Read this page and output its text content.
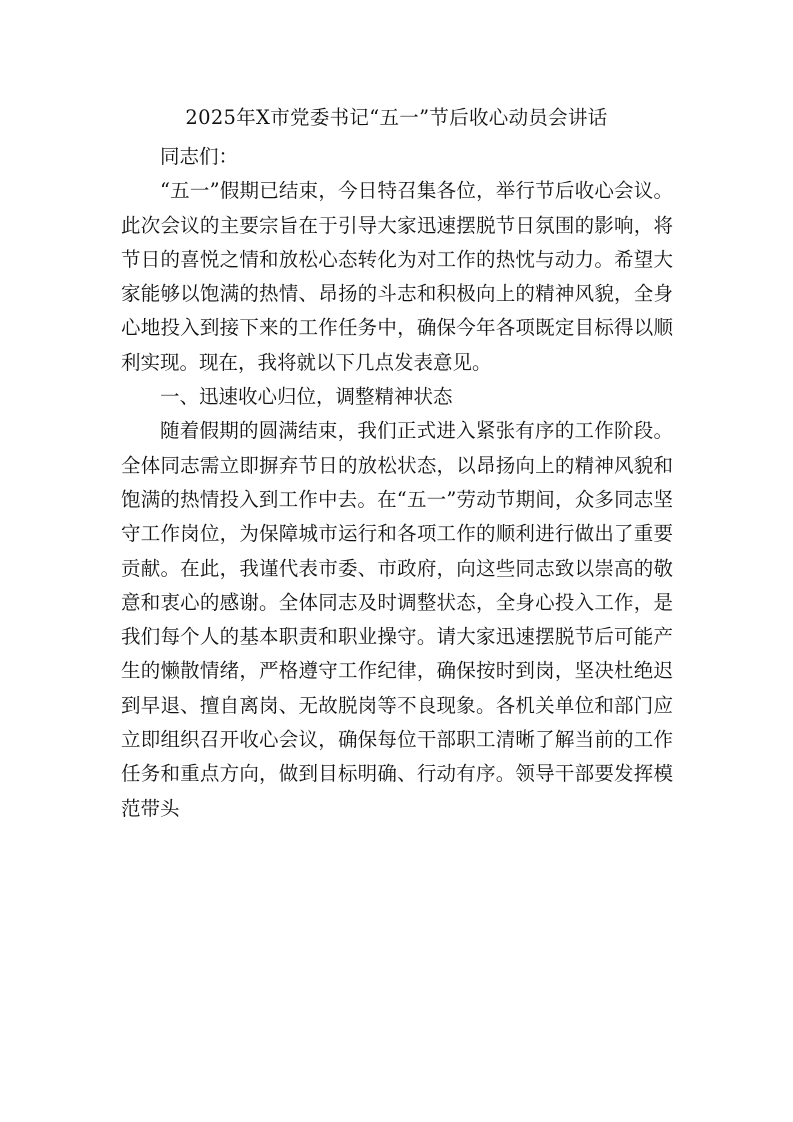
2025年X市党委书记“五一”节后收心动员会讲话

同志们：

“五一”假期已结束，今日特召集各位，举行节后收心会议。此次会议的主要宗旨在于引导大家迅速摆脱节日氛围的影响，将节日的喜悦之情和放松心态转化为对工作的热忱与动力。希望大家能够以饱满的热情、昂扬的斗志和积极向上的精神风貌，全身心地投入到接下来的工作任务中，确保今年各项既定目标得以顺利实现。现在，我将就以下几点发表意见。

一、迅速收心归位，调整精神状态

随着假期的圆满结束，我们正式进入紧张有序的工作阶段。全体同志需立即摒弃节日的放松状态，以昂扬向上的精神风貌和饱满的热情投入到工作中去。在“五一”劳动节期间，众多同志坚守工作岗位，为保障城市运行和各项工作的顺利进行做出了重要贡献。在此，我谨代表市委、市政府，向这些同志致以崇高的敬意和衷心的感谢。全体同志及时调整状态，全身心投入工作，是我们每个人的基本职责和职业操守。请大家迅速摆脱节后可能产生的懒散情绪，严格遵守工作纪律，确保按时到岗，坚决杜绝迟到早退、擅自离岗、无故脱岗等不良现象。各机关单位和部门应立即组织召开收心会议，确保每位干部职工清晰了解当前的工作任务和重点方向，做到目标明确、行动有序。领导干部要发挥模范带头
